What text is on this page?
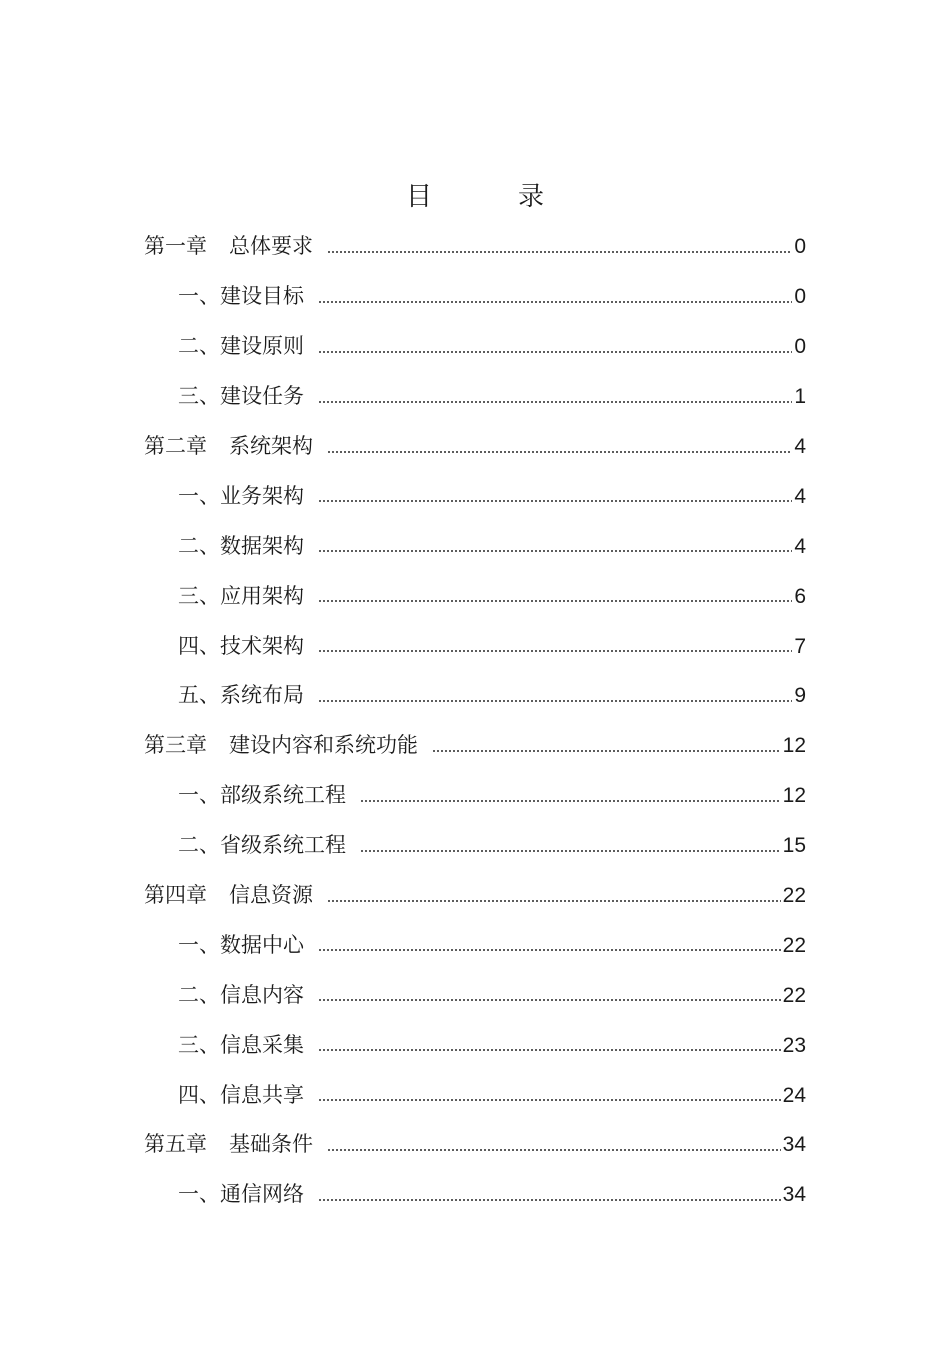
目　录
第一章 总体要求	0
一、建设目标	0
二、建设原则	0
三、建设任务	1
第二章 系统架构	4
一、业务架构	4
二、数据架构	4
三、应用架构	6
四、技术架构	7
五、系统布局	9
第三章 建设内容和系统功能	12
一、部级系统工程	12
二、省级系统工程	15
第四章 信息资源	22
一、数据中心	22
二、信息内容	22
三、信息采集	23
四、信息共享	24
第五章 基础条件	34
一、通信网络	34
